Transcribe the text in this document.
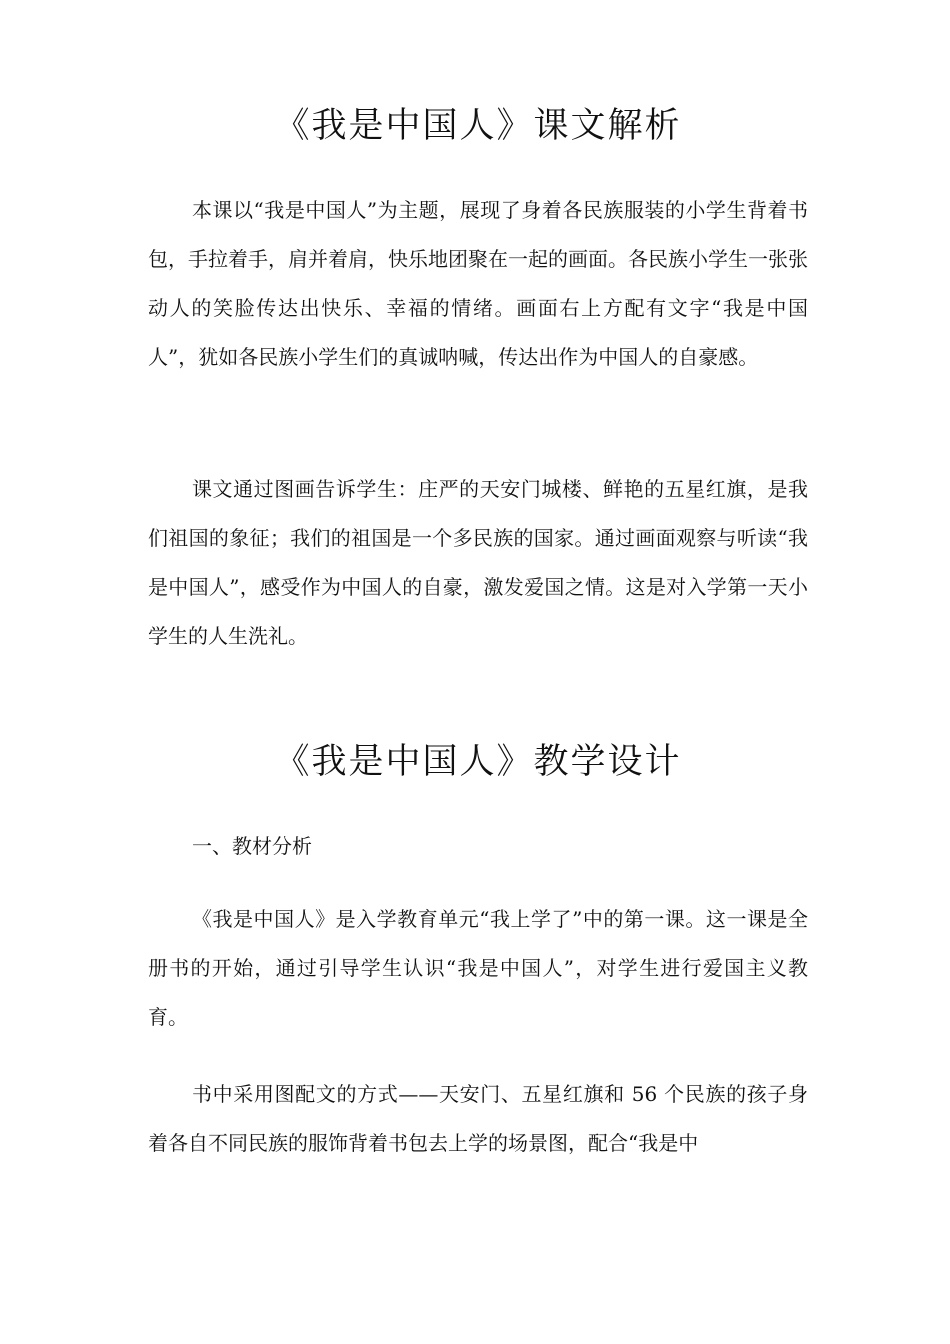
《我是中国人》课文解析

本课以“我是中国人”为主题，展现了身着各民族服装的小学生背着书包，手拉着手，肩并着肩，快乐地团聚在一起的画面。各民族小学生一张张动人的笑脸传达出快乐、幸福的情绪。画面右上方配有文字“我是中国人”，犹如各民族小学生们的真诚呐喊，传达出作为中国人的自豪感。

课文通过图画告诉学生：庄严的天安门城楼、鲜艳的五星红旗，是我们祖国的象征；我们的祖国是一个多民族的国家。通过画面观察与听读“我是中国人”，感受作为中国人的自豪，激发爱国之情。这是对入学第一天小学生的人生洗礼。

《我是中国人》教学设计

一、教材分析

《我是中国人》是入学教育单元“我上学了”中的第一课。这一课是全册书的开始，通过引导学生认识“我是中国人”，对学生进行爱国主义教育。

书中采用图配文的方式——天安门、五星红旗和 56 个民族的孩子身着各自不同民族的服饰背着书包去上学的场景图，配合“我是中
